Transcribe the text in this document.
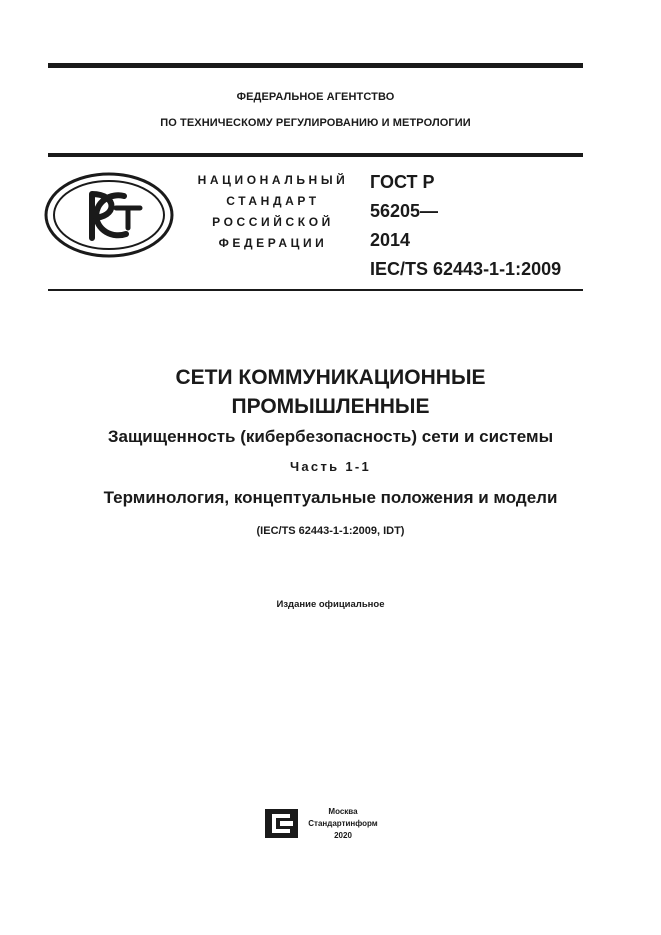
ФЕДЕРАЛЬНОЕ АГЕНТСТВО
ПО ТЕХНИЧЕСКОМУ РЕГУЛИРОВАНИЮ И МЕТРОЛОГИИ
НАЦИОНАЛЬНЫЙ
СТАНДАРТ
РОССИЙСКОЙ
ФЕДЕРАЦИИ
ГОСТ Р
56205—
2014
IEC/TS 62443-1-1:2009
СЕТИ КОММУНИКАЦИОННЫЕ
ПРОМЫШЛЕННЫЕ
Защищенность (кибербезопасность) сети и системы
Часть 1-1
Терминология, концептуальные положения и модели
(IEC/TS 62443-1-1:2009, IDT)
Издание официальное
Москва
Стандартинформ
2020
